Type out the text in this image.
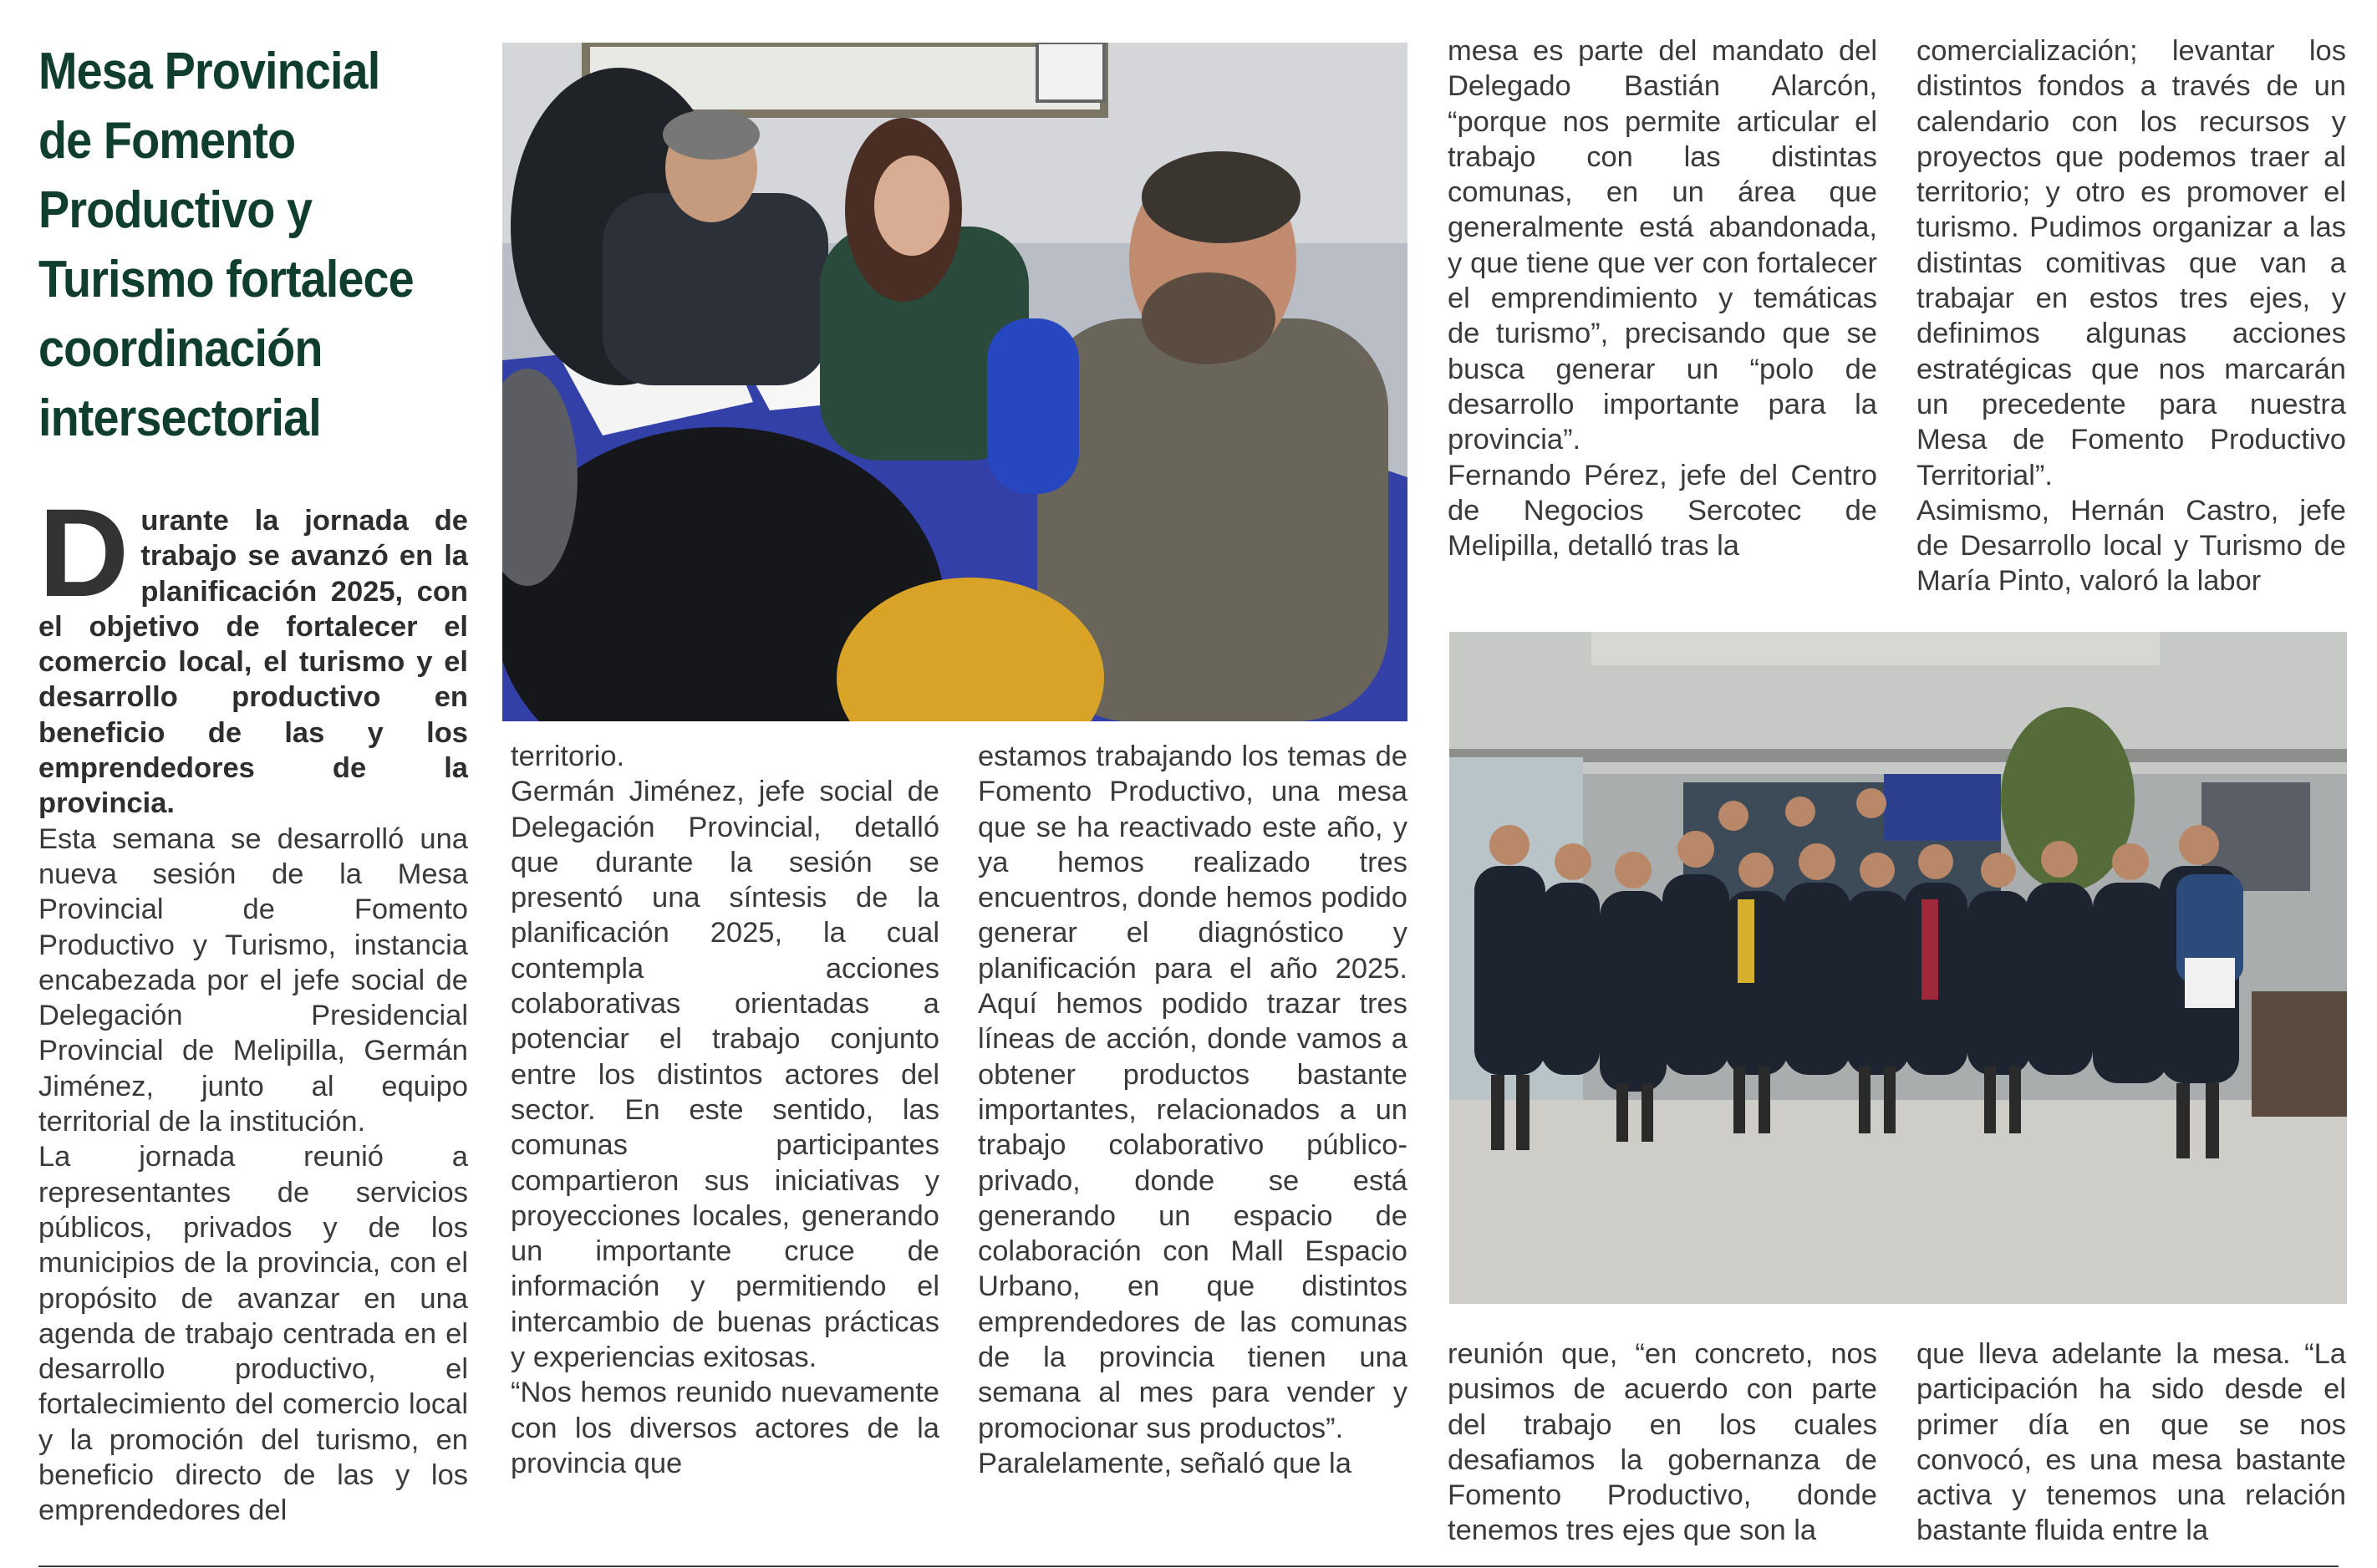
Mesa Provincial de Fomento Productivo y Turismo fortalece coordinación intersectorial

Durante la jornada de trabajo se avanzó en la planificación 2025, con el objetivo de fortalecer el comercio local, el turismo y el desarrollo productivo en beneficio de las y los emprendedores de la provincia.

Esta semana se desarrolló una nueva sesión de la Mesa Provincial de Fomento Productivo y Turismo, instancia encabezada por el jefe social de Delegación Presidencial Provincial de Melipilla, Germán Jiménez, junto al equipo territorial de la institución.

La jornada reunió a representantes de servicios públicos, privados y de los municipios de la provincia, con el propósito de avanzar en una agenda de trabajo centrada en el desarrollo productivo, el fortalecimiento del comercio local y la promoción del turismo, en beneficio directo de las y los emprendedores del

territorio.

Germán Jiménez, jefe social de Delegación Provincial, detalló que durante la sesión se presentó una síntesis de la planificación 2025, la cual contempla acciones colaborativas orientadas a potenciar el trabajo conjunto entre los distintos actores del sector. En este sentido, las comunas participantes compartieron sus iniciativas y proyecciones locales, generando un importante cruce de información y permitiendo el intercambio de buenas prácticas y experiencias exitosas.

“Nos hemos reunido nuevamente con los diversos actores de la provincia que

estamos trabajando los temas de Fomento Productivo, una mesa que se ha reactivado este año, y ya hemos realizado tres encuentros, donde hemos podido generar el diagnóstico y planificación para el año 2025. Aquí hemos podido trazar tres líneas de acción, donde vamos a obtener productos bastante importantes, relacionados a un trabajo colaborativo público-privado, donde se está generando un espacio de colaboración con Mall Espacio Urbano, en que distintos emprendedores de las comunas de la provincia tienen una semana al mes para vender y promocionar sus productos”.

Paralelamente, señaló que la

mesa es parte del mandato del Delegado Bastián Alarcón, “porque nos permite articular el trabajo con las distintas comunas, en un área que generalmente está abandonada, y que tiene que ver con fortalecer el emprendimiento y temáticas de turismo”, precisando que se busca generar un “polo de desarrollo importante para la provincia”.

Fernando Pérez, jefe del Centro de Negocios Sercotec de Melipilla, detalló tras la

comercialización; levantar los distintos fondos a través de un calendario con los recursos y proyectos que podemos traer al territorio; y otro es promover el turismo. Pudimos organizar a las distintas comitivas que van a trabajar en estos tres ejes, y definimos algunas acciones estratégicas que nos marcarán un precedente para nuestra Mesa de Fomento Productivo Territorial”.

Asimismo, Hernán Castro, jefe de Desarrollo local y Turismo de María Pinto, valoró la labor

reunión que, “en concreto, nos pusimos de acuerdo con parte del trabajo en los cuales desafiamos la gobernanza de Fomento Productivo, donde tenemos tres ejes que son la

que lleva adelante la mesa. “La participación ha sido desde el primer día en que se nos convocó, es una mesa bastante activa y tenemos una relación bastante fluida entre la
